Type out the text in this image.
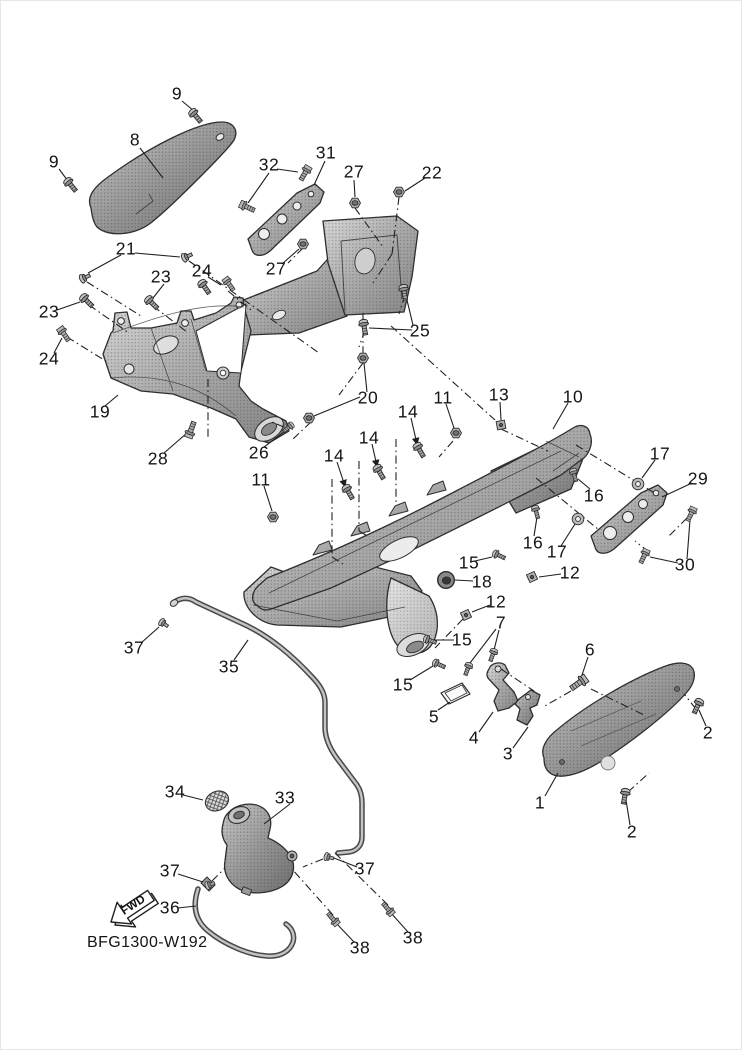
FWD
9
8
9	32
31
27	22
21
23 24	27
23
25
24
19
20
28	26
14
11 13	10
14
14	17
29
16
11
16 17
12	30
15
18
12
7
15
37
35
6
15
5
4
3
2
1
2
34	33
37	37
36
38 38
BFG1300-W192
